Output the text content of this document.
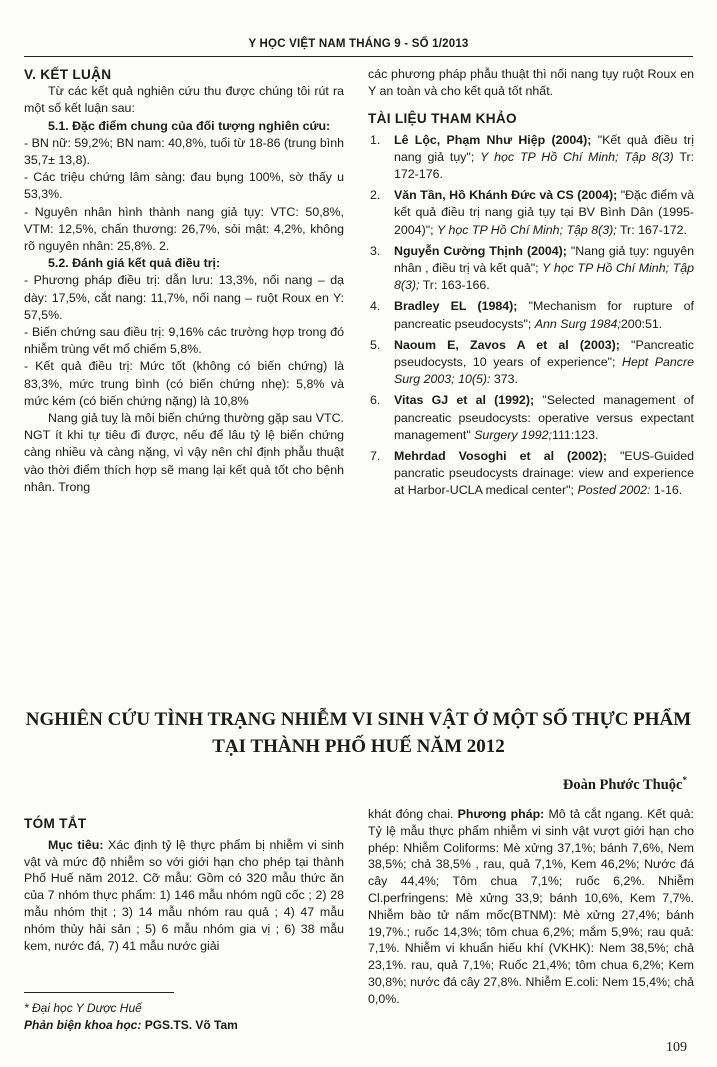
Y HỌC VIỆT NAM THÁNG 9 - SỐ 1/2013

V. KẾT LUẬN

Từ các kết quả nghiên cứu thu được chúng tôi rút ra một số kết luận sau:

5.1. Đặc điểm chung của đối tượng nghiên cứu:

- BN nữ: 59,2%; BN nam: 40,8%, tuổi từ 18-86 (trung bình 35,7± 13,8).

- Các triệu chứng lâm sàng: đau bụng 100%, sờ thấy u 53,3%.

- Nguyên nhân hình thành nang giả tụy: VTC: 50,8%, VTM: 12,5%, chấn thương: 26,7%, sỏi mật: 4,2%, không rõ nguyên nhân: 25,8%. 2.

5.2. Đánh giá kết quả điều trị:

- Phương pháp điều trị: dẫn lưu: 13,3%, nối nang – dạ dày: 17,5%, cắt nang: 11,7%, nối nang – ruột Roux en Y: 57,5%.

- Biến chứng sau điều trị: 9,16% các trường hợp trong đó nhiễm trùng vết mổ chiếm 5,8%.

- Kết quả điều trị: Mức tốt (không có biến chứng) là 83,3%, mức trung bình (có biến chứng nhẹ): 5,8% và mức kém (có biến chứng nặng) là 10,8%

Nang giả tuỵ là môi biến chứng thường gặp sau VTC. NGT ít khi tự tiêu đi được, nếu để lâu tỷ lệ biến chứng càng nhiều và càng nặng, vì vậy nên chỉ định phẫu thuật vào thời điểm thích hợp sẽ mang lại kết quả tốt cho bệnh nhân. Trong

các phương pháp phẫu thuật thì nối nang tụy ruột Roux en Y an toàn và cho kết quả tốt nhất.

TÀI LIỆU THAM KHẢO

1. Lê Lộc, Phạm Như Hiệp (2004); "Kết quả điều trị nang giả tụy"; Y học TP Hồ Chí Minh; Tập 8(3) Tr: 172-176.
2. Văn Tần, Hồ Khánh Đức và CS (2004); "Đặc điểm và kết quả điều trị nang giả tụy tại BV Bình Dân (1995-2004)"; Y học TP Hồ Chí Minh; Tập 8(3); Tr: 167-172.
3. Nguyễn Cường Thịnh (2004); "Nang giả tụy: nguyên nhân , điều trị và kết quả"; Y học TP Hồ Chí Minh; Tập 8(3); Tr: 163-166.
4. Bradley EL (1984); "Mechanism for rupture of pancreatic pseudocysts"; Ann Surg 1984;200:51.
5. Naoum E, Zavos A et al (2003); "Pancreatic pseudocysts, 10 years of experience"; Hept Pancre Surg 2003; 10(5): 373.
6. Vitas GJ et al (1992); "Selected management of pancreatic pseudocysts: operative versus expectant management" Surgery 1992;111:123.
7. Mehrdad Vosoghi et al (2002); "EUS-Guided pancratic pseudocysts drainage: view and experience at Harbor-UCLA medical center"; Posted 2002: 1-16.
NGHIÊN CỨU TÌNH TRẠNG NHIỄM VI SINH VẬT Ở MỘT SỐ THỰC PHẨM
TẠI THÀNH PHỐ HUẾ NĂM 2012
Đoàn Phước Thuộc*

TÓM TẮT

Mục tiêu: Xác định tỷ lệ thực phẩm bị nhiễm vi sinh vật và mức độ nhiễm so với giới hạn cho phép tại thành Phố Huế năm 2012. Cỡ mẫu: Gồm có 320 mẫu thức ăn của 7 nhóm thực phẩm: 1) 146 mẫu nhóm ngũ cốc ; 2) 28 mẫu nhóm thịt ; 3) 14 mẫu nhóm rau quả ; 4) 47 mẫu nhóm thủy hải sản ; 5) 6 mẫu nhóm gia vị ; 6) 38 mẫu kem, nước đá, 7) 41 mẫu nước giải

khát đóng chai. Phương pháp: Mô tả cắt ngang. Kết quả: Tỷ lệ mẫu thực phẩm nhiễm vi sinh vật vượt giới hạn cho phép: Nhiễm Coliforms: Mè xửng 37,1%; bánh 7,6%, Nem 38,5%; chả 38,5% , rau, quả 7,1%, Kem 46,2%; Nước đá cây 44,4%; Tôm chua 7,1%; ruốc 6,2%. Nhiễm Cl.perfringens: Mè xửng 33,9; bánh 10,6%, Kem 7,7%. Nhiễm bào tử nấm mốc(BTNM): Mè xửng 27,4%; bánh 19,7%.; ruốc 14,3%; tôm chua 6,2%; mắm 5,9%; rau quả: 7,1%. Nhiễm vi khuẩn hiếu khí (VKHK): Nem 38,5%; chả 23,1%. rau, quả 7,1%; Ruốc 21,4%; tôm chua 6,2%; Kem 30,8%; nước đá cây 27,8%. Nhiễm E.coli: Nem 15,4%; chả 0,0%.

* Đại học Y Dược Huế
Phản biện khoa học: PGS.TS. Võ Tam
109
